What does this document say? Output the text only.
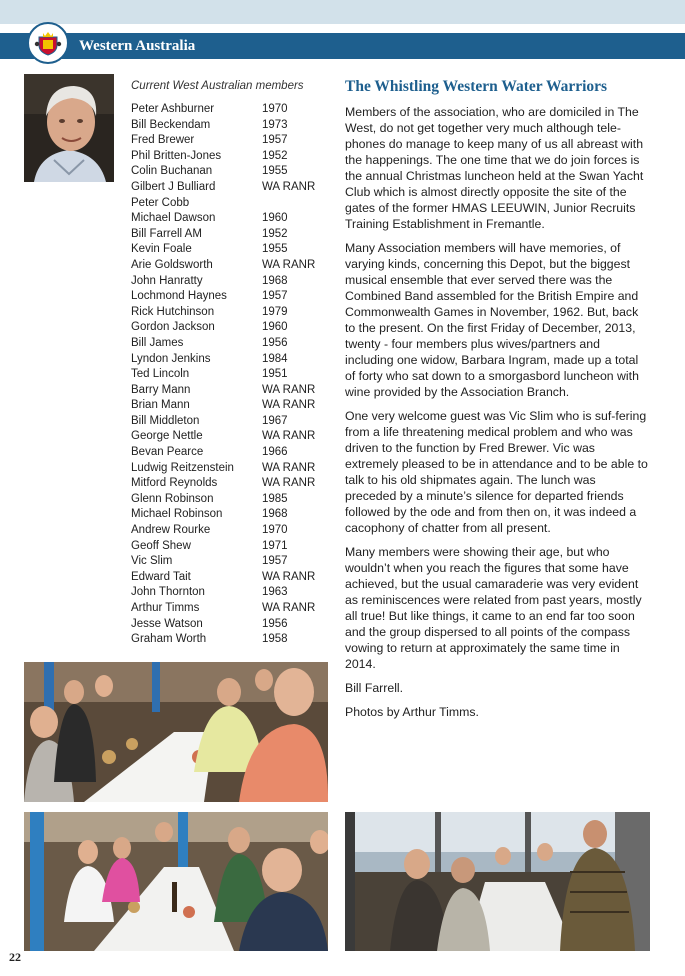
Western Australia
Current West Australian members
Peter Ashburner	1970
Bill Beckendam	1973
Fred Brewer	1957
Phil Britten-Jones	1952
Colin Buchanan	1955
Gilbert J Bulliard	WA RANR
Peter Cobb
Michael Dawson	1960
Bill Farrell AM	1952
Kevin Foale	1955
Arie Goldsworth	WA RANR
John Hanratty	1968
Lochmond Haynes	1957
Rick Hutchinson	1979
Gordon Jackson	1960
Bill James	1956
Lyndon Jenkins	1984
Ted Lincoln	1951
Barry Mann	WA RANR
Brian Mann	WA RANR
Bill Middleton	1967
George Nettle	WA RANR
Bevan Pearce	1966
Ludwig Reitzenstein WA RANR
Mitford Reynolds	WA RANR
Glenn Robinson	1985
Michael Robinson	1968
Andrew Rourke	1970
Geoff Shew	1971
Vic Slim	1957
Edward Tait	WA RANR
John Thornton	1963
Arthur Timms	WA RANR
Jesse Watson	1956
Graham Worth	1958
The Whistling Western Water Warriors

Members of the association, who are domiciled in The West, do not get together very much although tele-phones do manage to keep many of us all abreast with the happenings. The one time that we do join forces is the annual Christmas luncheon held at the Swan Yacht Club which is almost directly opposite the site of the gates of the former HMAS LEEUWIN, Junior Recruits Training Establishment in Fremantle.

Many Association members will have memories, of varying kinds, concerning this Depot, but the biggest musical ensemble that ever served there was the Combined Band assembled for the British Empire and Commonwealth Games in November, 1962. But, back to the present. On the first Friday of December, 2013, twenty - four members plus wives/partners and including one widow, Barbara Ingram, made up a total of forty who sat down to a smorgasbord luncheon with wine provided by the Association Branch.

One very welcome guest was Vic Slim who is suf-fering from a life threatening medical problem and who was driven to the function by Fred Brewer. Vic was extremely pleased to be in attendance and to be able to talk to his old shipmates again. The lunch was preceded by a minute’s silence for departed friends followed by the ode and from then on, it was indeed a cacophony of chatter from all present.

Many members were showing their age, but who wouldn’t when you reach the figures that some have achieved, but the usual camaraderie was very evident as reminiscences were related from past years, mostly all true! But like things, it came to an end far too soon and the group dispersed to all points of the compass vowing to return at approximately the same time in 2014.

Bill Farrell.

Photos by Arthur Timms.

22
